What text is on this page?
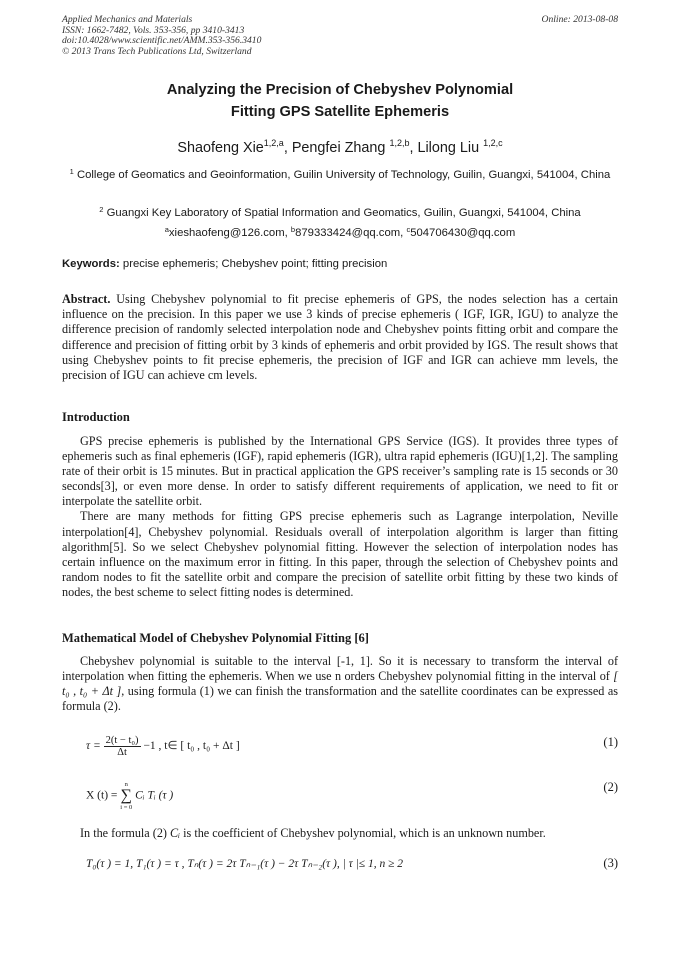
Applied Mechanics and Materials
ISSN: 1662-7482, Vols. 353-356, pp 3410-3413
doi:10.4028/www.scientific.net/AMM.353-356.3410
© 2013 Trans Tech Publications Ltd, Switzerland
Online: 2013-08-08
Analyzing the Precision of Chebyshev Polynomial
Fitting GPS Satellite Ephemeris
Shaofeng Xie$^{1,2,a}$, Pengfei Zhang $^{1,2,b}$, Lilong Liu $^{1,2,c}$
$^1$ College of Geomatics and Geoinformation, Guilin University of Technology, Guilin, Guangxi, 541004, China
$^2$ Guangxi Key Laboratory of Spatial Information and Geomatics, Guilin, Guangxi, 541004, China
$^a$xieshaofeng@126.com, $^b$879333424@qq.com, $^c$504706430@qq.com
Keywords: precise ephemeris; Chebyshev point; fitting precision
Abstract. Using Chebyshev polynomial to fit precise ephemeris of GPS, the nodes selection has a certain influence on the precision. In this paper we use 3 kinds of precise ephemeris ( IGF, IGR, IGU) to analyze the difference precision of randomly selected interpolation node and Chebyshev points fitting orbit and compare the difference and precision of fitting orbit by 3 kinds of ephemeris and orbit provided by IGS. The result shows that using Chebyshev points to fit precise ephemeris, the precision of IGF and IGR can achieve mm levels, the precision of IGU can achieve cm levels.
Introduction

GPS precise ephemeris is published by the International GPS Service (IGS). It provides three types of ephemeris such as final ephemeris (IGF), rapid ephemeris (IGR), ultra rapid ephemeris (IGU)[1,2]. The sampling rate of their orbit is 15 minutes. But in practical application the GPS receiver’s sampling rate is 15 seconds or 30 seconds[3], or even more dense. In order to satisfy different requirements of application, we need to fit or interpolate the satellite orbit.

There are many methods for fitting GPS precise ephemeris such as Lagrange interpolation, Neville interpolation[4], Chebyshev polynomial. Residuals overall of interpolation algorithm is larger than fitting algorithm[5]. So we select Chebyshev polynomial fitting. However the selection of interpolation nodes has certain influence on the maximum error in fitting. In this paper, through the selection of Chebyshev points and random nodes to fit the satellite orbit and compare the precision of satellite orbit fitting by these two kinds of nodes, the best scheme to select fitting nodes is determined.

Mathematical Model of Chebyshev Polynomial Fitting [6]

Chebyshev polynomial is suitable to the interval [-1, 1]. So it is necessary to transform the interval of interpolation when fitting the ephemeris. When we use n orders Chebyshev polynomial fitting in the interval of [ t₀ , t₀ + Δt ], using formula (1) we can finish the transformation and the satellite coordinates can be expressed as formula (2).

$\tau = \frac{\text{2(t − t₀)}}{\Delta t} -1$ , t∈ [ t₀ , t₀ + Δt ]	(1)
X (t) =
n
∑
i = 0
Cᵢ Tᵢ (τ )
(2)
In the formula (2) Cᵢ is the coefficient of Chebyshev polynomial, which is an unknown number.
T₀(τ ) = 1, T₁(τ ) = τ , Tₙ(τ ) = 2τ Tₙ₋₁(τ ) − 2τ Tₙ₋₂(τ ), | τ |≤ 1, n ≥ 2	(3)
